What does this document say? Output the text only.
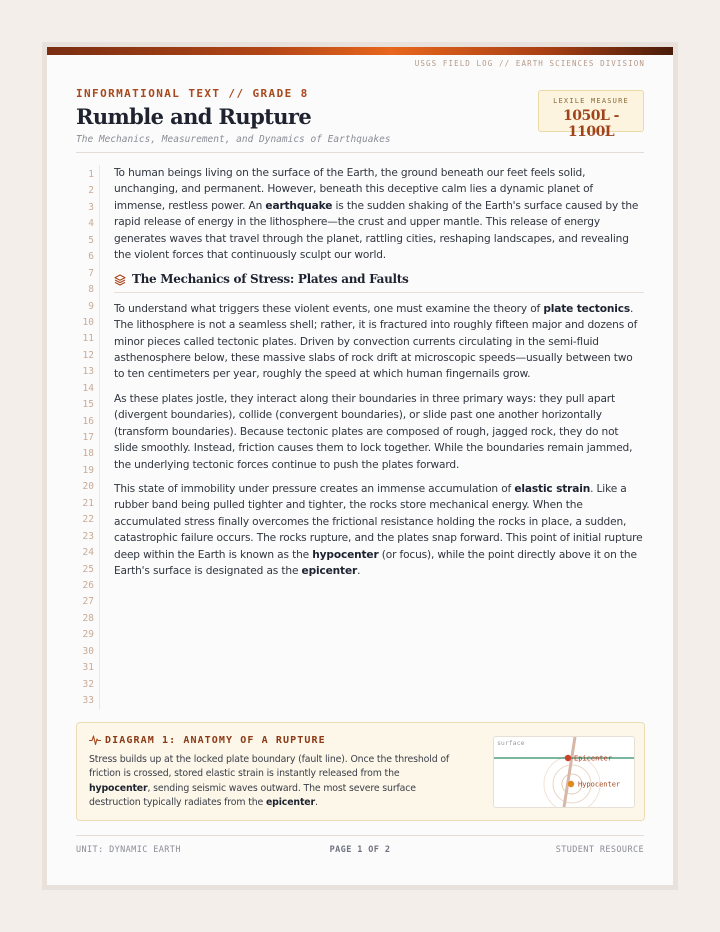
USGS FIELD LOG // EARTH SCIENCES DIVISION
INFORMATIONAL TEXT // GRADE 8
Rumble and Rupture
The Mechanics, Measurement, and Dynamics of Earthquakes
LEXILE MEASURE
1050L - 1100L
1
2
3
4
5
6
7
8
9
10
11
12
13
14
15
16
17
18
19
20
21
22
23
24
25
26
27
28
29
30
31
32
33

To human beings living on the surface of the Earth, the ground beneath our feet feels solid, unchanging, and permanent. However, beneath this deceptive calm lies a dynamic planet of immense, restless power. An earthquake is the sudden shaking of the Earth's surface caused by the rapid release of energy in the lithosphere—the crust and upper mantle. This release of energy generates waves that travel through the planet, rattling cities, reshaping landscapes, and revealing the violent forces that continuously sculpt our world.

The Mechanics of Stress: Plates and Faults

To understand what triggers these violent events, one must examine the theory of plate tectonics. The lithosphere is not a seamless shell; rather, it is fractured into roughly fifteen major and dozens of minor pieces called tectonic plates. Driven by convection currents circulating in the semi-fluid asthenosphere below, these massive slabs of rock drift at microscopic speeds—usually between two to ten centimeters per year, roughly the speed at which human fingernails grow.

As these plates jostle, they interact along their boundaries in three primary ways: they pull apart (divergent boundaries), collide (convergent boundaries), or slide past one another horizontally (transform boundaries). Because tectonic plates are composed of rough, jagged rock, they do not slide smoothly. Instead, friction causes them to lock together. While the boundaries remain jammed, the underlying tectonic forces continue to push the plates forward.

This state of immobility under pressure creates an immense accumulation of elastic strain. Like a rubber band being pulled tighter and tighter, the rocks store mechanical energy. When the accumulated stress finally overcomes the frictional resistance holding the rocks in place, a sudden, catastrophic failure occurs. The rocks rupture, and the plates snap forward. This point of initial rupture deep within the Earth is known as the hypocenter (or focus), while the point directly above it on the Earth's surface is designated as the epicenter.

DIAGRAM 1: ANATOMY OF A RUPTURE
Stress builds up at the locked plate boundary (fault line). Once the threshold of friction is crossed, stored elastic strain is instantly released from the hypocenter, sending seismic waves outward. The most severe surface destruction typically radiates from the epicenter.
surface
Epicenter
Hypocenter
UNIT: DYNAMIC EARTH	PAGE 1 OF 2	STUDENT RESOURCE
